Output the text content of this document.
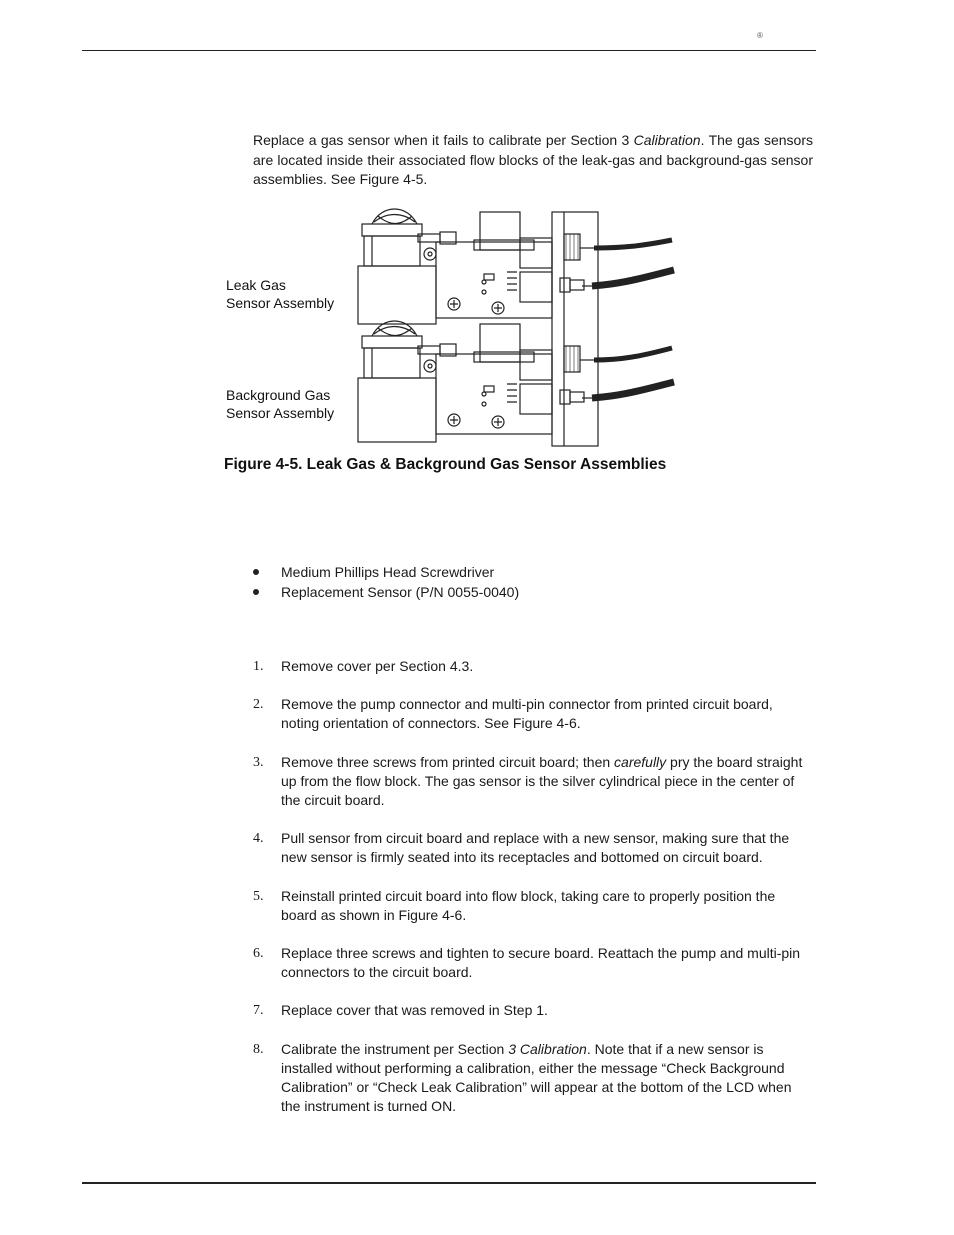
®

Replace a gas sensor when it fails to calibrate per Section 3 Calibration. The gas sensors are located inside their associated flow blocks of the leak-gas and background-gas sensor assemblies. See Figure 4-5.

Leak Gas
Sensor Assembly
Background Gas
Sensor Assembly
Figure 4-5. Leak Gas & Background Gas Sensor Assemblies
Medium Phillips Head Screwdriver
Replacement Sensor (P/N 0055-0040)
1. Remove cover per Section 4.3.
2. Remove the pump connector and multi-pin connector from printed circuit board, noting orientation of connectors. See Figure 4-6.
3. Remove three screws from printed circuit board; then carefully pry the board straight up from the flow block. The gas sensor is the silver cylindrical piece in the center of the circuit board.
4. Pull sensor from circuit board and replace with a new sensor, making sure that the new sensor is firmly seated into its receptacles and bottomed on circuit board.
5. Reinstall printed circuit board into flow block, taking care to properly position the board as shown in Figure 4-6.
6. Replace three screws and tighten to secure board. Reattach the pump and multi-pin connectors to the circuit board.
7. Replace cover that was removed in Step 1.
8. Calibrate the instrument per Section 3 Calibration. Note that if a new sensor is installed without performing a calibration, either the message “Check Background Calibration” or “Check Leak Calibration” will appear at the bottom of the LCD when the instrument is turned ON.
